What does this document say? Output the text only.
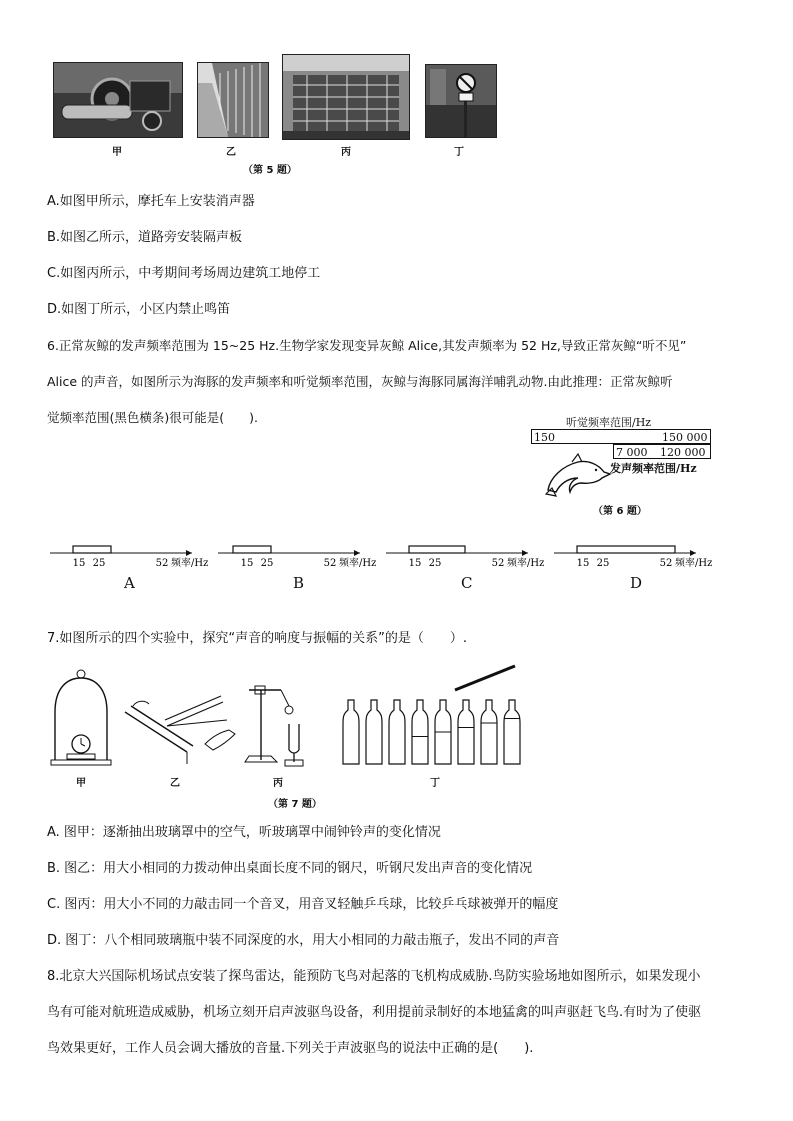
甲	乙	丙	丁
（第 5 题）
A.如图甲所示，摩托车上安装消声器
B.如图乙所示，道路旁安装隔声板
C.如图丙所示，中考期间考场周边建筑工地停工
D.如图丁所示，小区内禁止鸣笛
6.正常灰鲸的发声频率范围为 15~25 Hz.生物学家发现变异灰鲸 Alice,其发声频率为 52 Hz,导致正常灰鲸“听不见”
Alice 的声音，如图所示为海豚的发声频率和听觉频率范围，灰鲸与海豚同属海洋哺乳动物.由此推理：正常灰鲸听
觉频率范围(黑色横条)很可能是(　　).	听觉频率范围/Hz
150	150 000
7 000 120 000
发声频率范围/Hz
（第 6 题）
15 25	52 频率/Hz	15 25	52 频率/Hz	15 25	52 频率/Hz	15 25	52 频率/Hz
A	B	C	D
7.如图所示的四个实验中，探究“声音的响度与振幅的关系”的是（　　）.
甲	乙	丙	丁
（第 7 题）
A. 图甲：逐渐抽出玻璃罩中的空气，听玻璃罩中闹钟铃声的变化情况
B. 图乙：用大小相同的力拨动伸出桌面长度不同的钢尺，听钢尺发出声音的变化情况
C. 图丙：用大小不同的力敲击同一个音叉，用音叉轻触乒乓球，比较乒乓球被弹开的幅度
D. 图丁：八个相同玻璃瓶中装不同深度的水，用大小相同的力敲击瓶子，发出不同的声音
8.北京大兴国际机场试点安装了探鸟雷达，能预防飞鸟对起落的飞机构成威胁.鸟防实验场地如图所示，如果发现小
鸟有可能对航班造成威胁，机场立刻开启声波驱鸟设备，利用提前录制好的本地猛禽的叫声驱赶飞鸟.有时为了使驱
鸟效果更好，工作人员会调大播放的音量.下列关于声波驱鸟的说法中正确的是(　　).
